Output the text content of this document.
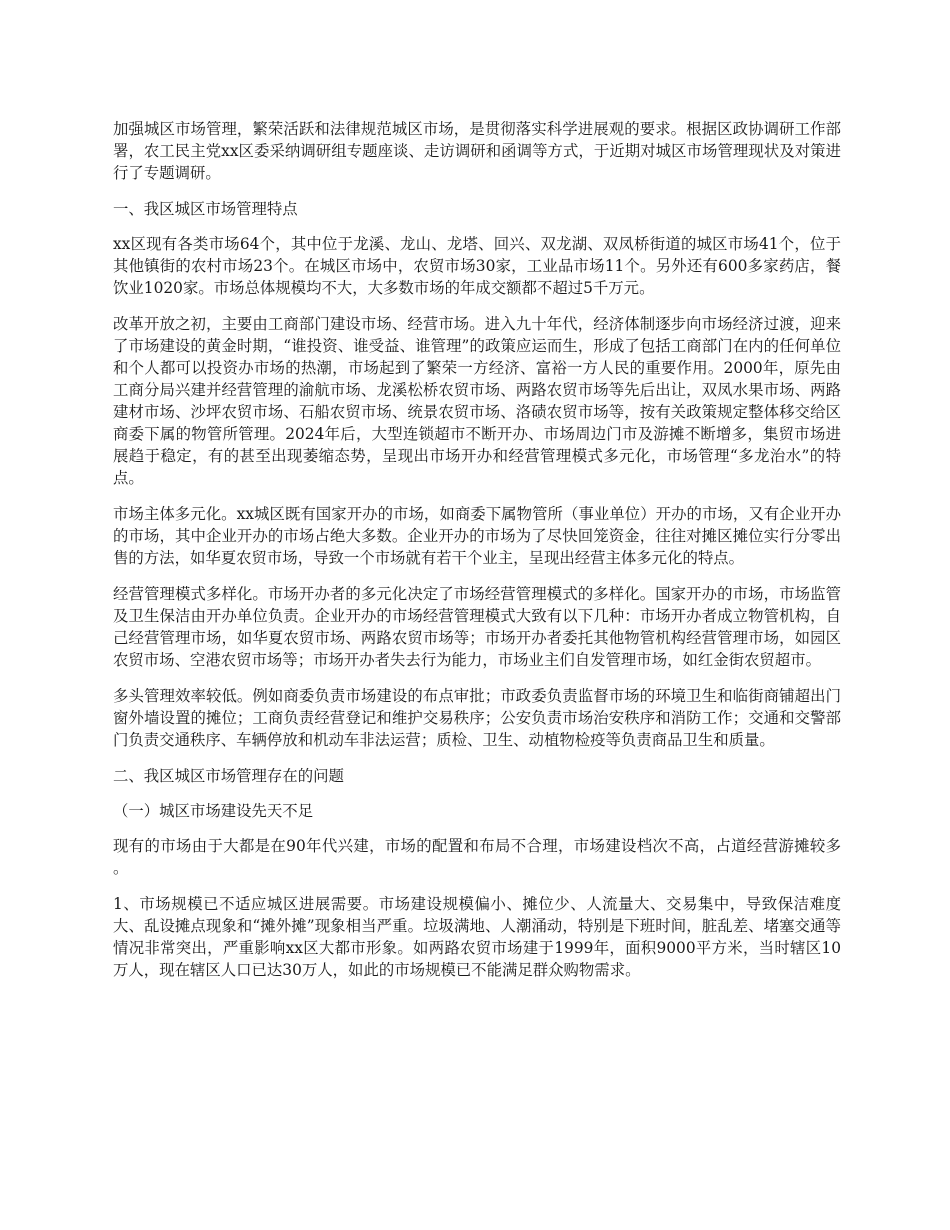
加强城区市场管理，繁荣活跃和法律规范城区市场，是贯彻落实科学进展观的要求。根据区政协调研工作部署，农工民主党xx区委采纳调研组专题座谈、走访调研和函调等方式，于近期对城区市场管理现状及对策进行了专题调研。

一、我区城区市场管理特点

xx区现有各类市场64个，其中位于龙溪、龙山、龙塔、回兴、双龙湖、双凤桥街道的城区市场41个，位于其他镇街的农村市场23个。在城区市场中，农贸市场30家，工业品市场11个。另外还有600多家药店，餐饮业1020家。市场总体规模均不大，大多数市场的年成交额都不超过5千万元。

改革开放之初，主要由工商部门建设市场、经营市场。进入九十年代，经济体制逐步向市场经济过渡，迎来了市场建设的黄金时期，“谁投资、谁受益、谁管理”的政策应运而生，形成了包括工商部门在内的任何单位和个人都可以投资办市场的热潮，市场起到了繁荣一方经济、富裕一方人民的重要作用。2000年，原先由工商分局兴建并经营管理的渝航市场、龙溪松桥农贸市场、两路农贸市场等先后出让，双凤水果市场、两路建材市场、沙坪农贸市场、石船农贸市场、统景农贸市场、洛碛农贸市场等，按有关政策规定整体移交给区商委下属的物管所管理。2024年后，大型连锁超市不断开办、市场周边门市及游摊不断增多，集贸市场进展趋于稳定，有的甚至出现萎缩态势，呈现出市场开办和经营管理模式多元化，市场管理“多龙治水”的特点。

市场主体多元化。xx城区既有国家开办的市场，如商委下属物管所（事业单位）开办的市场，又有企业开办的市场，其中企业开办的市场占绝大多数。企业开办的市场为了尽快回笼资金，往往对摊区摊位实行分零出售的方法，如华夏农贸市场，导致一个市场就有若干个业主，呈现出经营主体多元化的特点。

经营管理模式多样化。市场开办者的多元化决定了市场经营管理模式的多样化。国家开办的市场，市场监管及卫生保洁由开办单位负责。企业开办的市场经营管理模式大致有以下几种：市场开办者成立物管机构，自己经营管理市场，如华夏农贸市场、两路农贸市场等；市场开办者委托其他物管机构经营管理市场，如园区农贸市场、空港农贸市场等；市场开办者失去行为能力，市场业主们自发管理市场，如红金街农贸超市。

多头管理效率较低。例如商委负责市场建设的布点审批；市政委负责监督市场的环境卫生和临街商铺超出门窗外墙设置的摊位；工商负责经营登记和维护交易秩序；公安负责市场治安秩序和消防工作；交通和交警部门负责交通秩序、车辆停放和机动车非法运营；质检、卫生、动植物检疫等负责商品卫生和质量。

二、我区城区市场管理存在的问题

（一）城区市场建设先天不足

现有的市场由于大都是在90年代兴建，市场的配置和布局不合理，市场建设档次不高，占道经营游摊较多 。

1、市场规模已不适应城区进展需要。市场建设规模偏小、摊位少、人流量大、交易集中，导致保洁难度大、乱设摊点现象和“摊外摊”现象相当严重。垃圾满地、人潮涌动，特别是下班时间，脏乱差、堵塞交通等情况非常突出，严重影响xx区大都市形象。如两路农贸市场建于1999年，面积9000平方米，当时辖区10万人，现在辖区人口已达30万人，如此的市场规模已不能满足群众购物需求。
